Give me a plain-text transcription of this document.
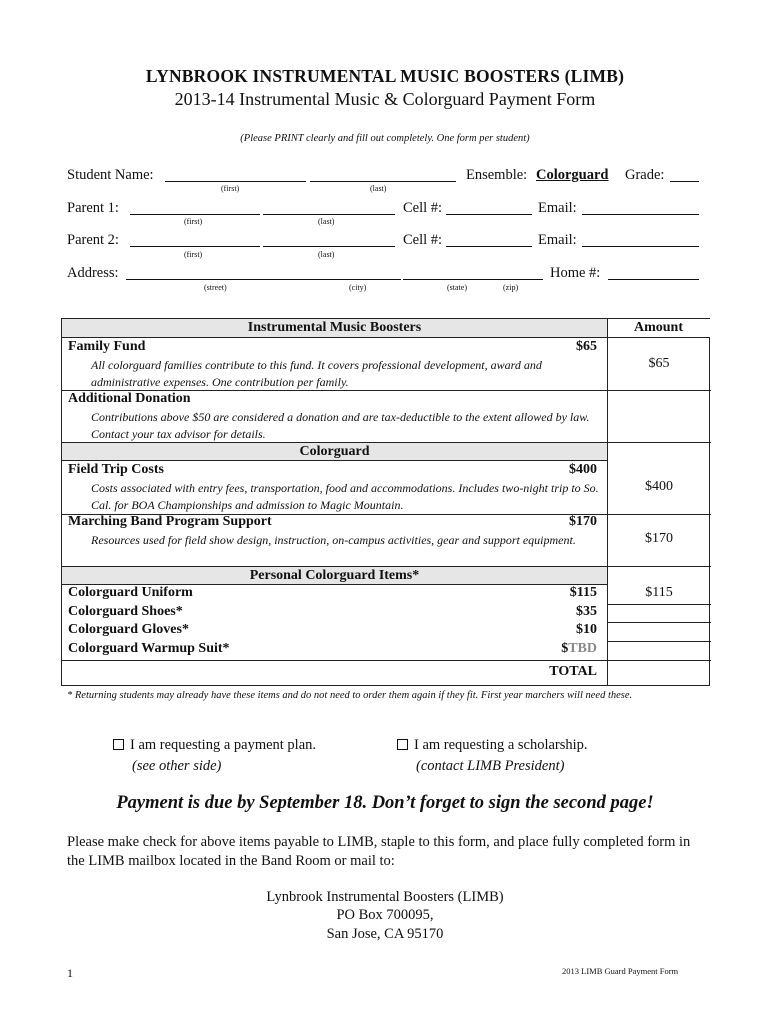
LYNBROOK INSTRUMENTAL MUSIC BOOSTERS (LIMB)
2013-14 Instrumental Music & Colorguard Payment Form
(Please PRINT clearly and fill out completely. One form per student)
Student Name:
(first)	(last)
Ensemble: Colorguard Grade:
Parent 1:
(first)	(last)
Cell #:	Email:
Parent 2:
(first)	(last)
Cell #:	Email:
Address:
(street)	(city)	(state)	(zip)
Home #:
Instrumental Music Boosters	Amount
Family Fund	$65
All colorguard families contribute to this fund. It covers professional development, award and administrative expenses. One contribution per family.
$65
Additional Donation
Contributions above $50 are considered a donation and are tax-deductible to the extent allowed by law. Contact your tax advisor for details.
Colorguard
Field Trip Costs	$400
Costs associated with entry fees, transportation, food and accommodations. Includes two-night trip to So. Cal. for BOA Championships and admission to Magic Mountain.
$400
Marching Band Program Support	$170
Resources used for field show design, instruction, on-campus activities, gear and support equipment.	$170
Personal Colorguard Items*
Colorguard Uniform	$115	$115
Colorguard Shoes*	$35
Colorguard Gloves*	$10
Colorguard Warmup Suit*	$TBD
TOTAL
* Returning students may already have these items and do not need to order them again if they fit. First year marchers will need these.
I am requesting a payment plan.
(see other side)
I am requesting a scholarship.
(contact LIMB President)
Payment is due by September 18. Don’t forget to sign the second page!
Please make check for above items payable to LIMB, staple to this form, and place fully completed form in the LIMB mailbox located in the Band Room or mail to:
Lynbrook Instrumental Boosters (LIMB)
PO Box 700095,
San Jose, CA 95170
1	2013 LIMB Guard Payment Form
